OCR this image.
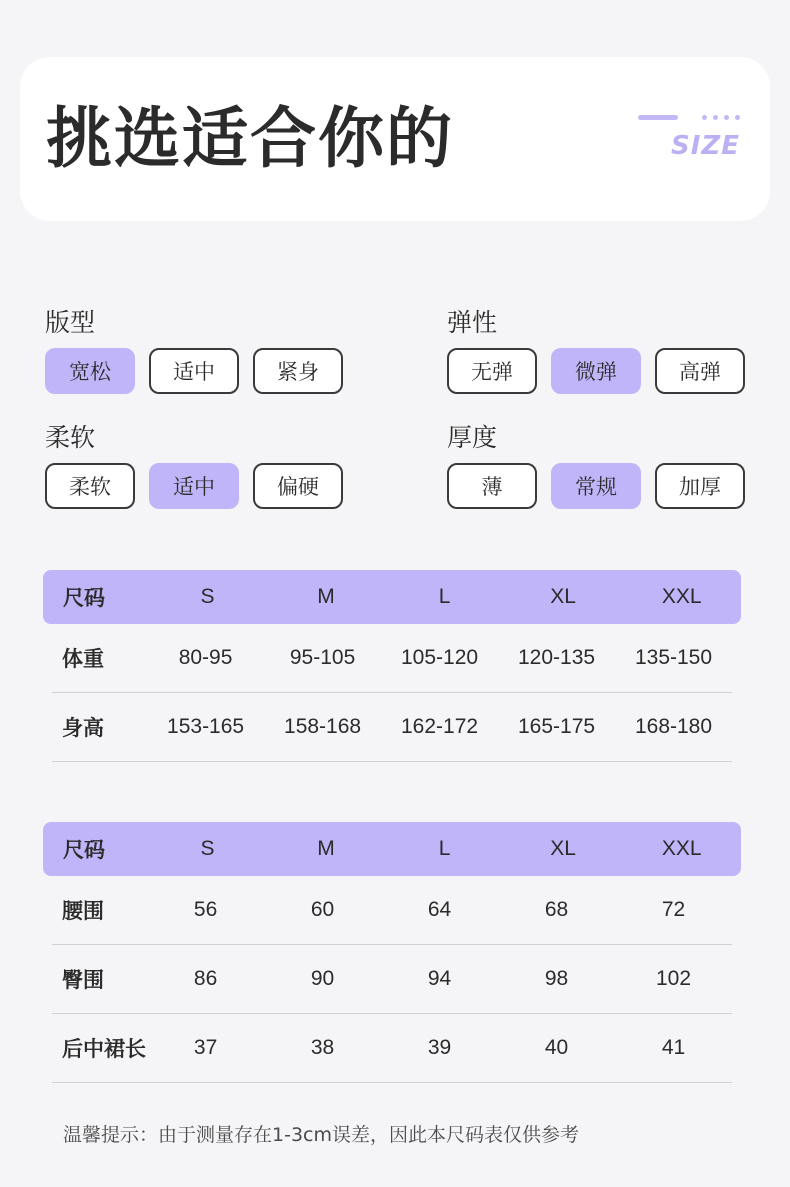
挑选适合你的	SIZE
版型
宽松	适中	紧身
弹性
无弹	微弹	高弹
柔软
柔软	适中	偏硬
厚度
薄	常规	加厚
尺码	S	M	L	XL	XXL
体重	80-95	95-105	105-120	120-135	135-150
身高	153-165	158-168	162-172	165-175	168-180
尺码	S	M	L	XL	XXL
腰围	56	60	64	68	72
臀围	86	90	94	98	102
后中裙长	37	38	39	40	41
温馨提示：由于测量存在1-3cm误差，因此本尺码表仅供参考
